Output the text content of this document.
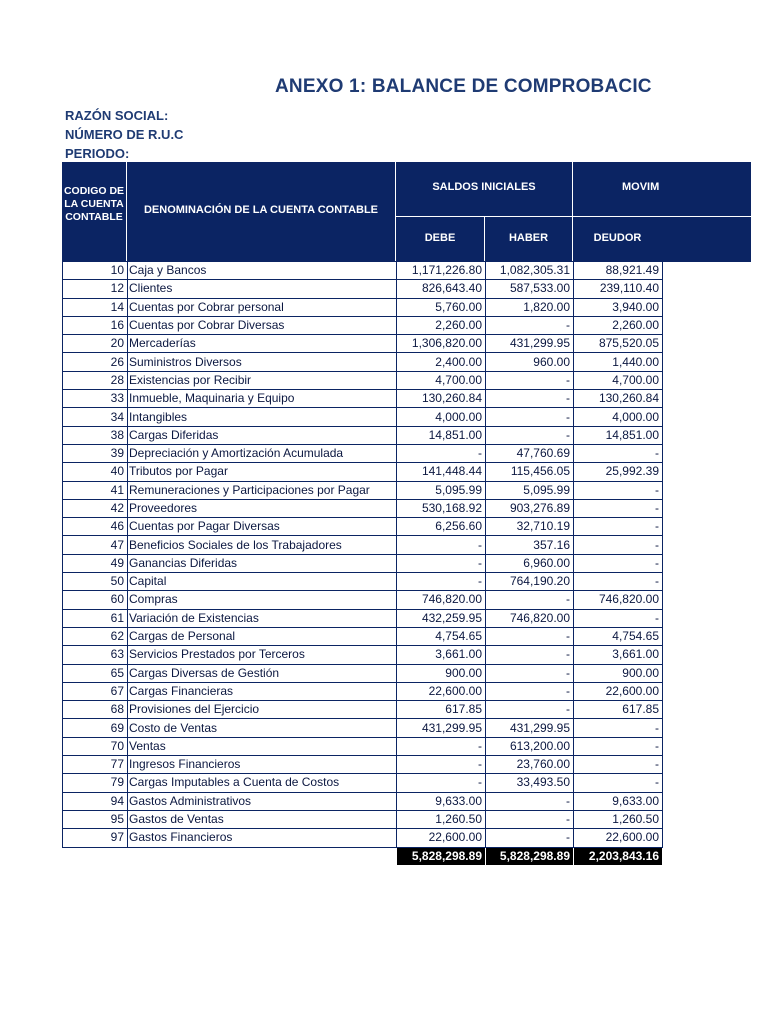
ANEXO 1: BALANCE DE COMPROBACIC
RAZÓN SOCIAL:
NÚMERO DE R.U.C
PERIODO:
CODIGO DE LA CUENTA CONTABLE
DENOMINACIÓN DE LA CUENTA CONTABLE
SALDOS INICIALES
DEBE	HABER
MOVIM
DEUDOR
10	Caja y Bancos	1,171,226.80	1,082,305.31	88,921.49
12	Clientes	826,643.40	587,533.00	239,110.40
14	Cuentas por Cobrar personal	5,760.00	1,820.00	3,940.00
16	Cuentas por Cobrar Diversas	2,260.00	-	2,260.00
20	Mercaderías	1,306,820.00	431,299.95	875,520.05
26	Suministros Diversos	2,400.00	960.00	1,440.00
28	Existencias por Recibir	4,700.00	-	4,700.00
33	Inmueble, Maquinaria y Equipo	130,260.84	-	130,260.84
34	Intangibles	4,000.00	-	4,000.00
38	Cargas Diferidas	14,851.00	-	14,851.00
39	Depreciación y Amortización Acumulada	-	47,760.69	-
40	Tributos por Pagar	141,448.44	115,456.05	25,992.39
41	Remuneraciones y Participaciones por Pagar	5,095.99	5,095.99	-
42	Proveedores	530,168.92	903,276.89	-
46	Cuentas por Pagar Diversas	6,256.60	32,710.19	-
47	Beneficios Sociales de los Trabajadores	-	357.16	-
49	Ganancias Diferidas	-	6,960.00	-
50	Capital	-	764,190.20	-
60	Compras	746,820.00	-	746,820.00
61	Variación de Existencias	432,259.95	746,820.00	-
62	Cargas de Personal	4,754.65	-	4,754.65
63	Servicios Prestados por Terceros	3,661.00	-	3,661.00
65	Cargas Diversas de Gestión	900.00	-	900.00
67	Cargas Financieras	22,600.00	-	22,600.00
68	Provisiones del Ejercicio	617.85	-	617.85
69	Costo de Ventas	431,299.95	431,299.95	-
70	Ventas	-	613,200.00	-
77	Ingresos Financieros	-	23,760.00	-
79	Cargas Imputables a Cuenta de Costos	-	33,493.50	-
94	Gastos Administrativos	9,633.00	-	9,633.00
95	Gastos de Ventas	1,260.50	-	1,260.50
97	Gastos Financieros	22,600.00	-	22,600.00
		5,828,298.89	5,828,298.89	2,203,843.16
